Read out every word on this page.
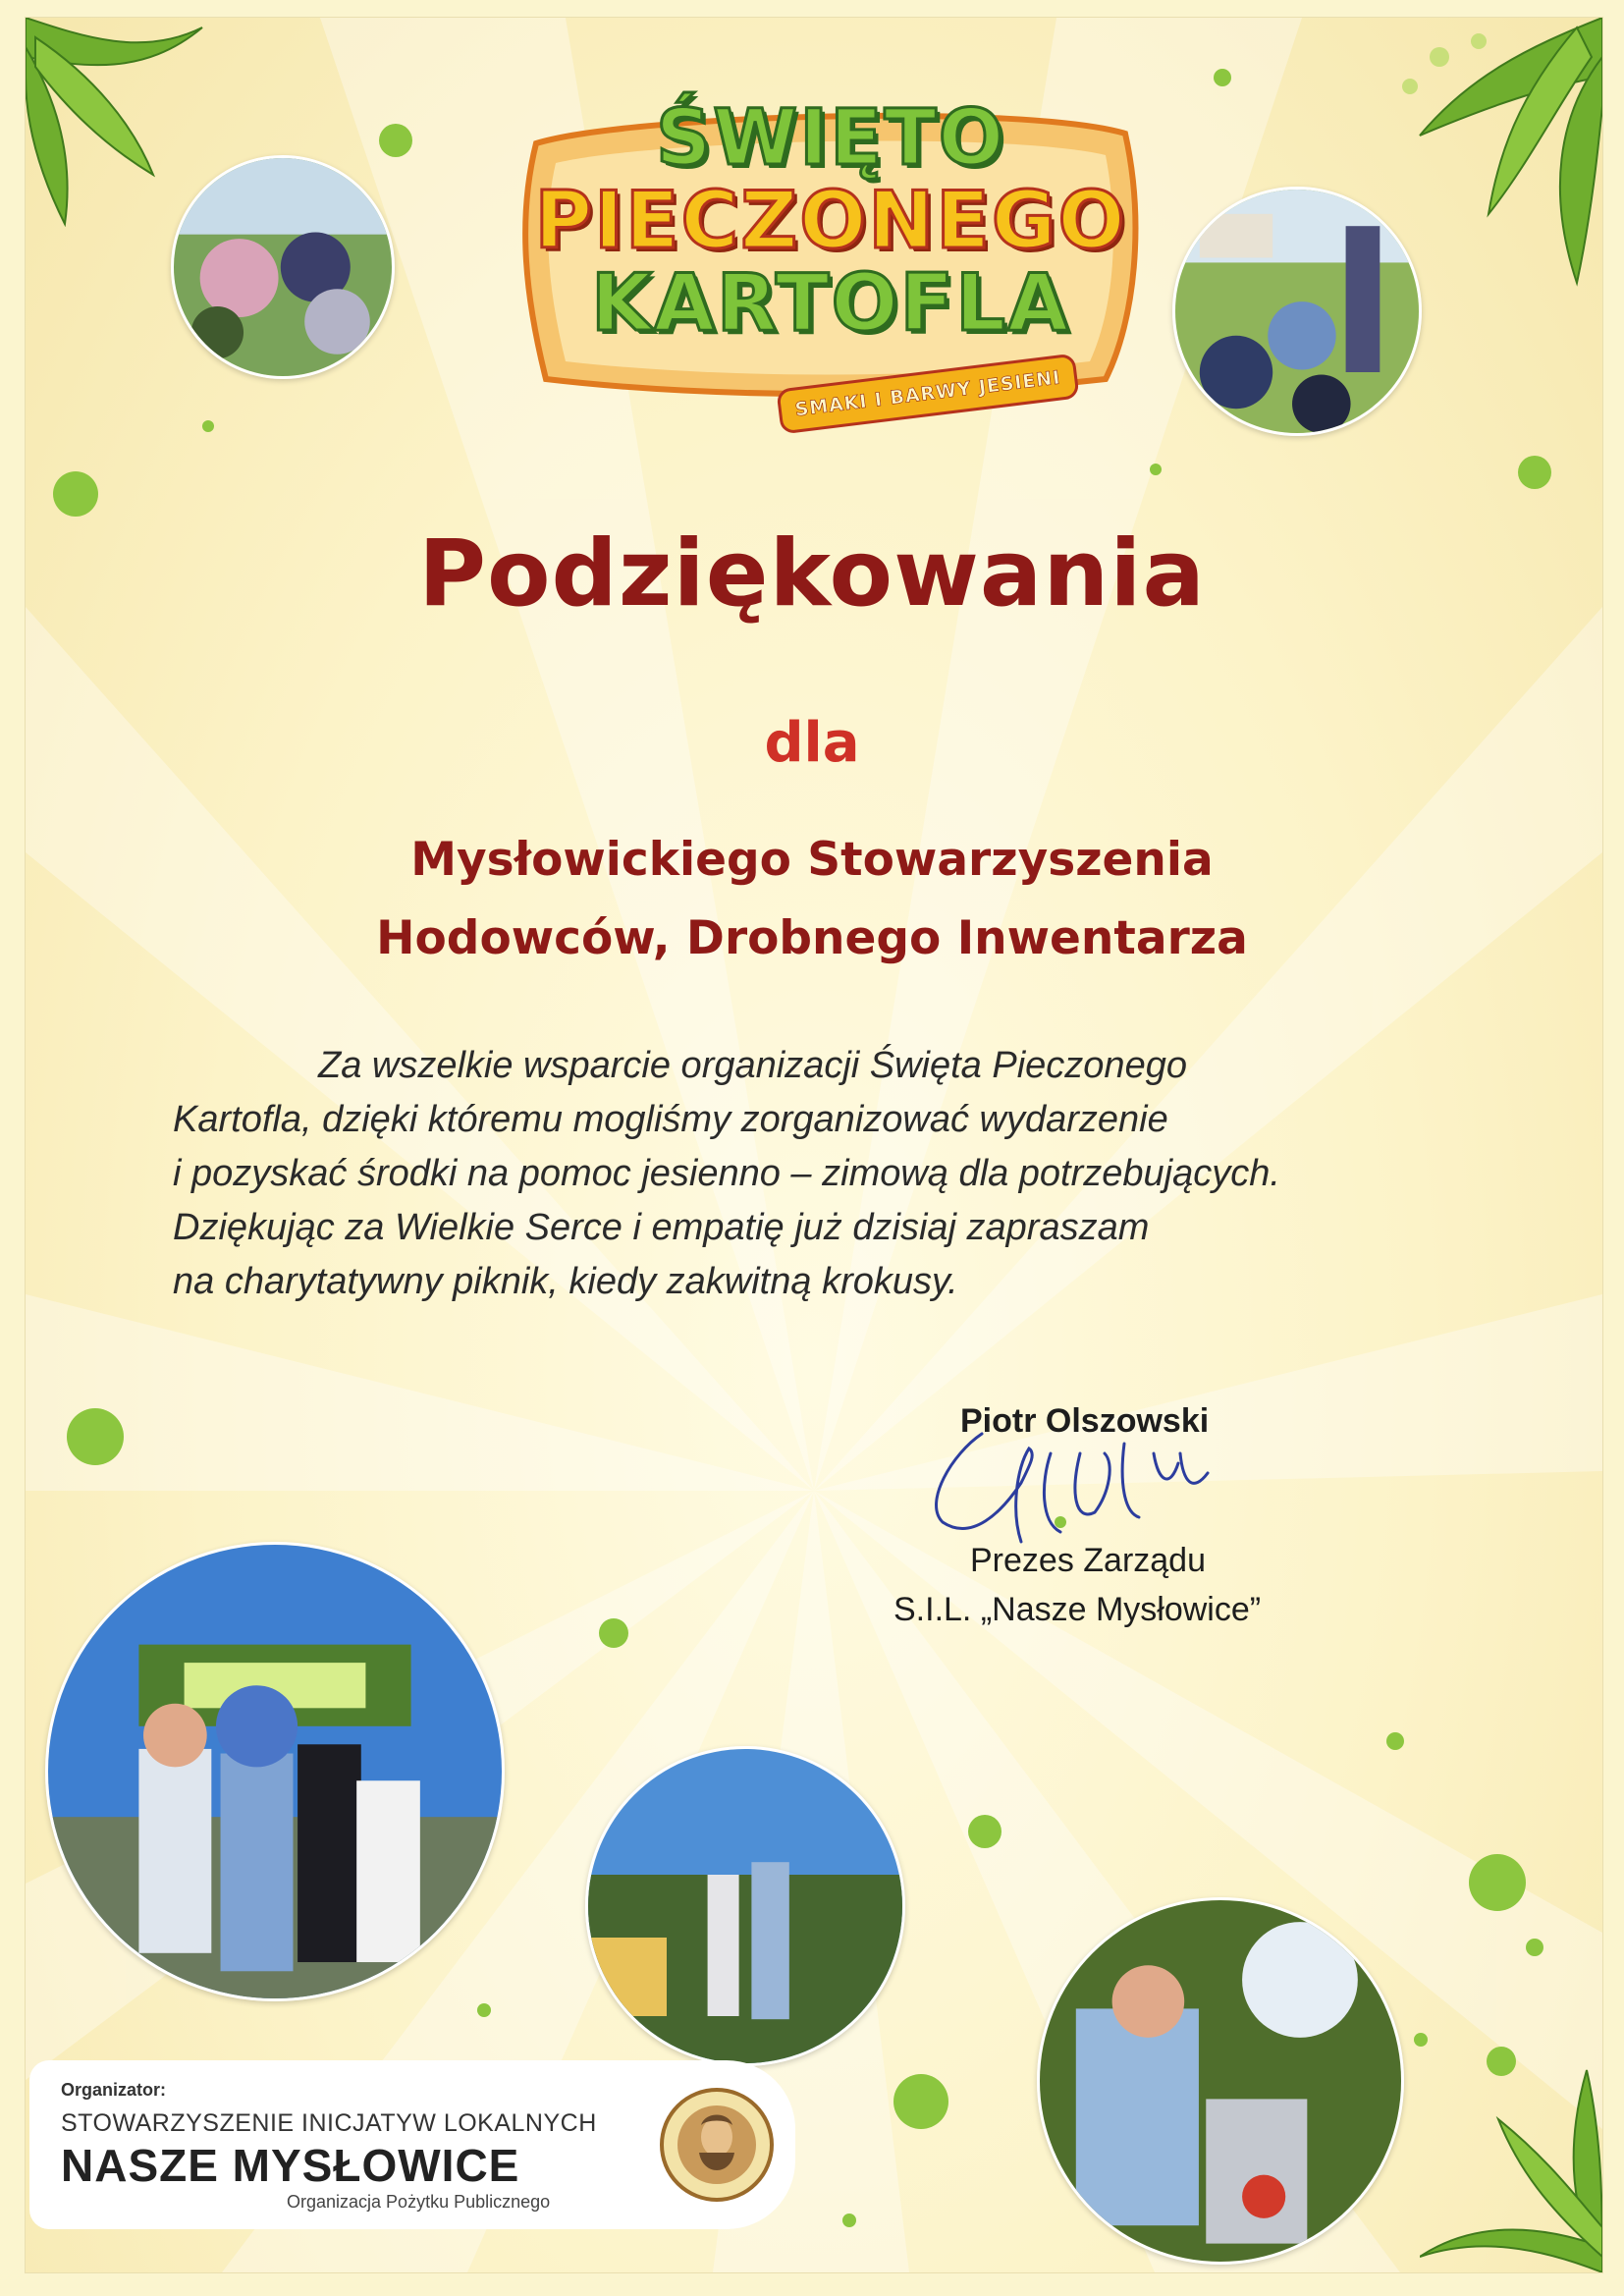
ŚWIĘTO
PIECZONEGO
KARTOFLA
SMAKI I BARWY JESIENI
Podziękowania
dla
Mysłowickiego Stowarzyszenia
Hodowców, Drobnego Inwentarza
Za wszelkie wsparcie organizacji Święta Pieczonego
Kartofla, dzięki któremu mogliśmy zorganizować wydarzenie
i pozyskać środki na pomoc jesienno – zimową dla potrzebujących.
Dziękując za Wielkie Serce i empatię już dzisiaj zapraszam
na charytatywny piknik, kiedy zakwitną krokusy.
Piotr Olszowski
Prezes Zarządu
S.I.L. „Nasze Mysłowice”
Organizator:
STOWARZYSZENIE INICJATYW LOKALNYCH
NASZE MYSŁOWICE
Organizacja Pożytku Publicznego
